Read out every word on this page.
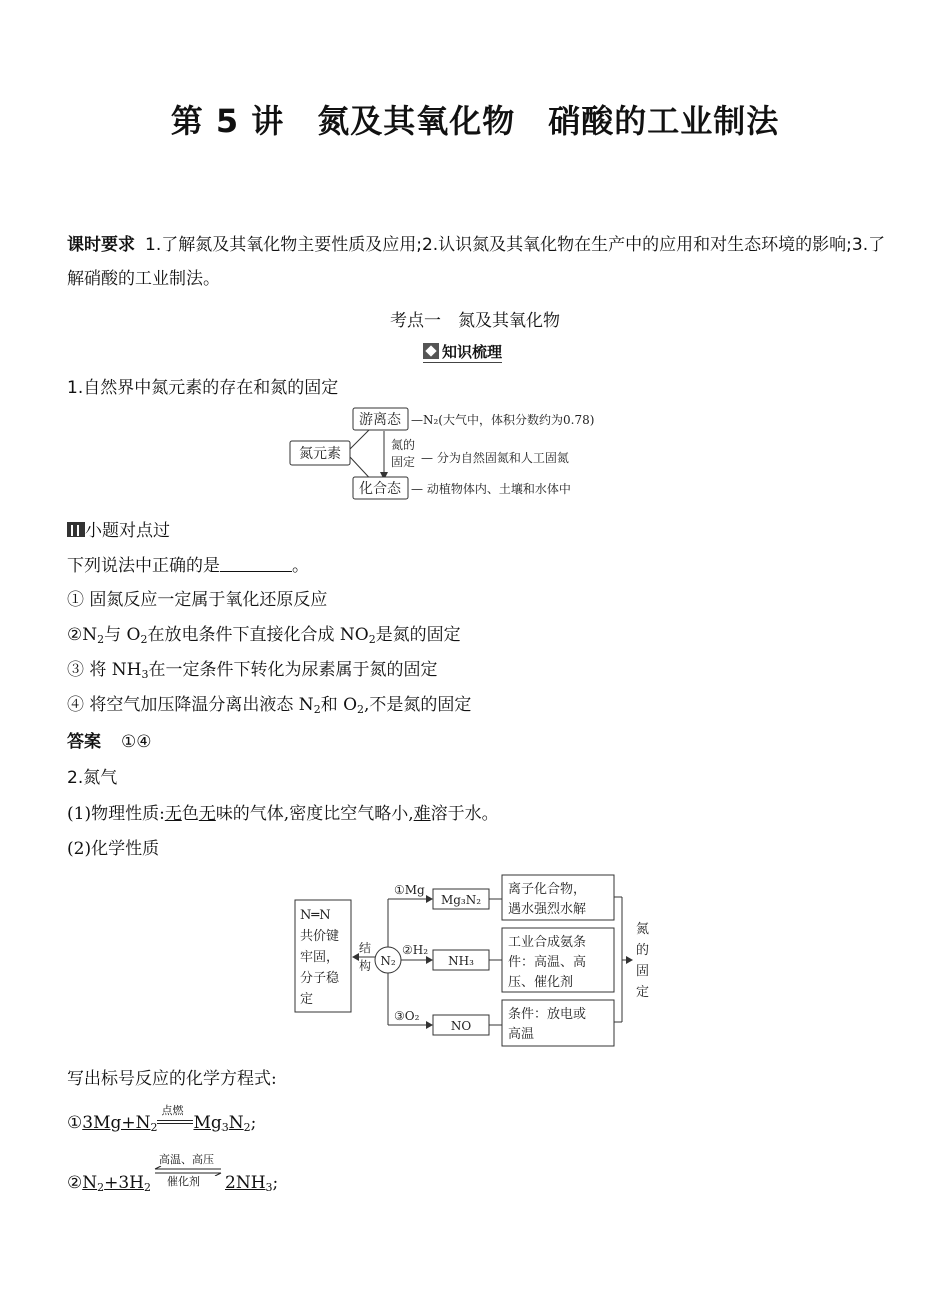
第 5 讲　氮及其氧化物　硝酸的工业制法
课时要求 1.了解氮及其氧化物主要性质及应用;2.认识氮及其氧化物在生产中的应用和对生态环境的影响;3.了解硝酸的工业制法。
考点一　氮及其氧化物
知识梳理
1.自然界中氮元素的存在和氮的固定
氮元素
游离态 —N₂(大气中，体积分数约为0.78)
氮的
固定 — 分为自然固氮和人工固氮
化合态 — 动植物体内、土壤和水体中
小题对点过
下列说法中正确的是	。
① 固氮反应一定属于氧化还原反应
$②N_2$与 $O_2$在放电条件下直接化合成 $NO_2$是氮的固定
③ 将 $NH_3$在一定条件下转化为尿素属于氮的固定
④ 将空气加压降温分离出液态 $N_2$和 $O_2$,不是氮的固定
答案 ①④
2.氮气
(1)物理性质:无色无味的气体,密度比空气略小,难溶于水。
(2)化学性质
N═N
共价键
牢固，
分子稳
定
结
构 N₂
①Mg
②H₂
③O₂
Mg₃N₂
NH₃
NO
离子化合物，
遇水强烈水解
工业合成氨条
件：高温、高
压、催化剂
条件：放电或
高温
氮
的
固
定
写出标号反应的化学方程式:
$①3Mg+N_2$
点燃
$Mg_3N_2$;
$②N_2+3H_2$
高温、高压
催化剂 $2NH_3$;
